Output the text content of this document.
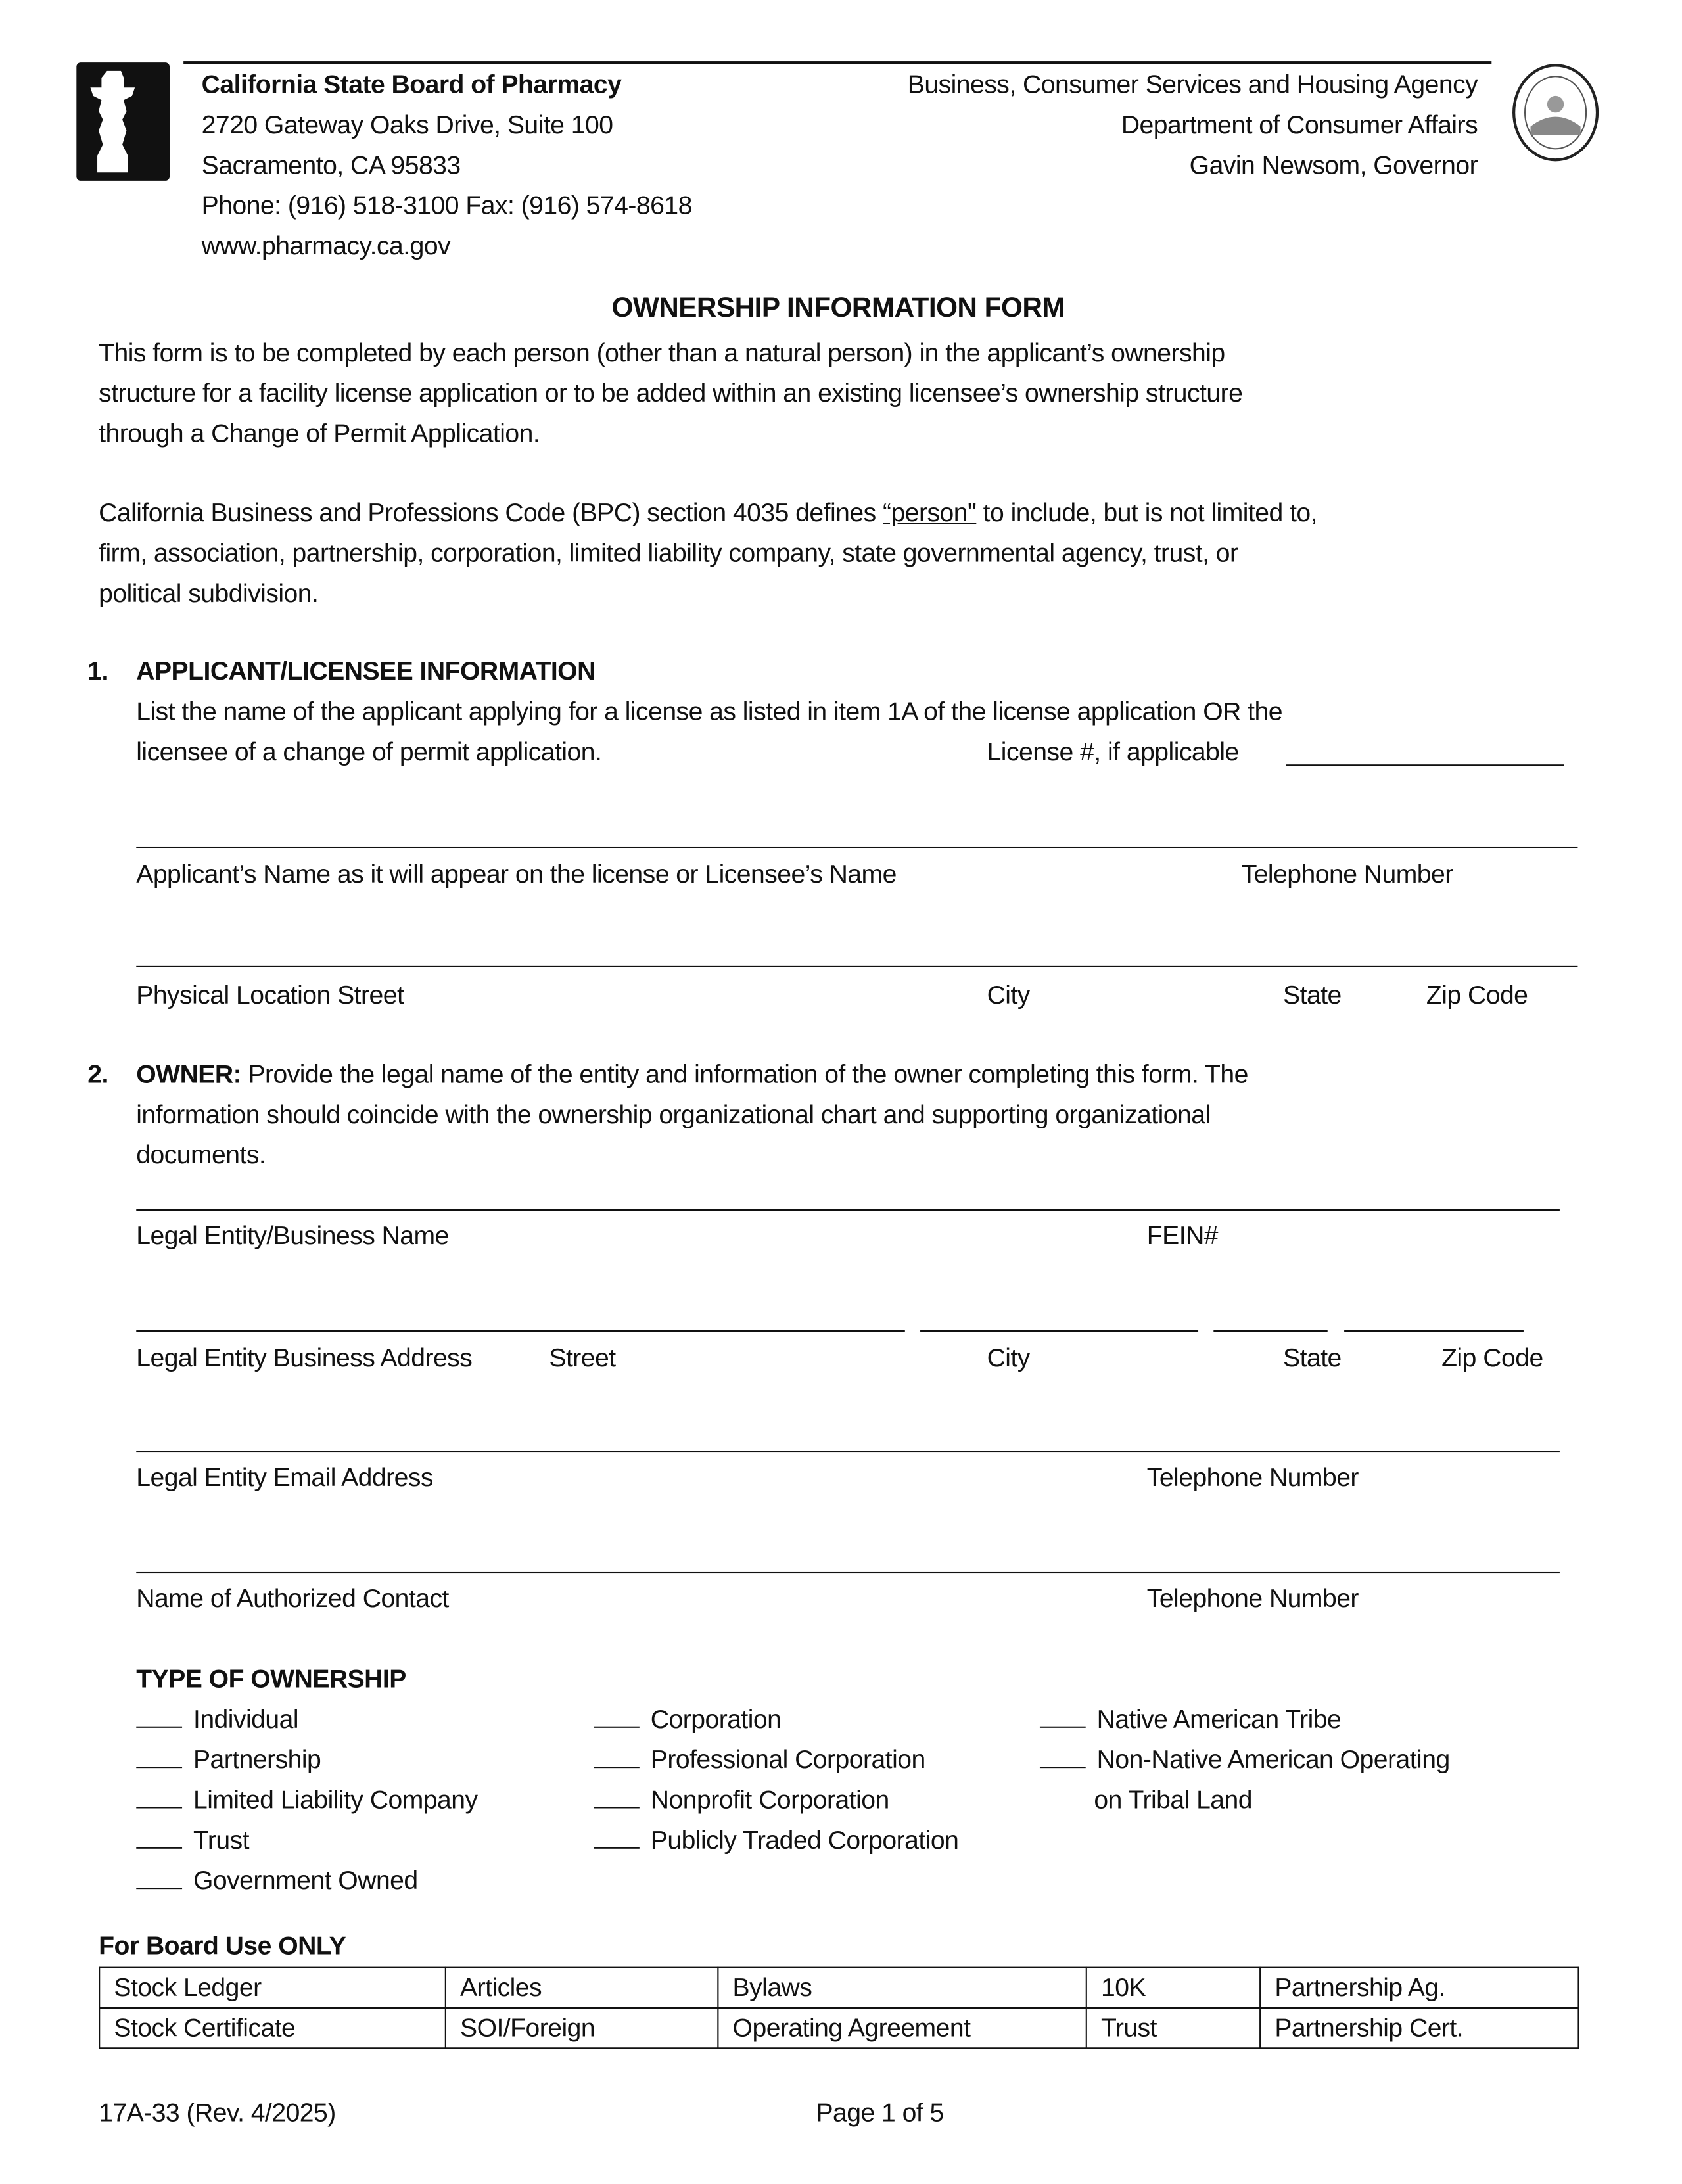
California State Board of Pharmacy
2720 Gateway Oaks Drive, Suite 100
Sacramento, CA 95833
Phone: (916) 518-3100 Fax: (916) 574-8618
www.pharmacy.ca.gov
Business, Consumer Services and Housing Agency
Department of Consumer Affairs
Gavin Newsom, Governor
OWNERSHIP INFORMATION FORM
This form is to be completed by each person (other than a natural person) in the applicant’s ownership
structure for a facility license application or to be added within an existing licensee’s ownership structure
through a Change of Permit Application.
California Business and Professions Code (BPC) section 4035 defines “person" to include, but is not limited to,
firm, association, partnership, corporation, limited liability company, state governmental agency, trust, or
political subdivision.
1. APPLICANT/LICENSEE INFORMATION
List the name of the applicant applying for a license as listed in item 1A of the license application OR the
licensee of a change of permit application.	License #, if applicable
Applicant’s Name as it will appear on the license or Licensee’s Name	Telephone Number
Physical Location Street	City	State	Zip Code
2. OWNER: Provide the legal name of the entity and information of the owner completing this form. The
information should coincide with the ownership organizational chart and supporting organizational
documents.
Legal Entity/Business Name	FEIN#
Legal Entity Business Address	Street	City	State	Zip Code
Legal Entity Email Address	Telephone Number
Name of Authorized Contact	Telephone Number
TYPE OF OWNERSHIP
Individual
Partnership
Limited Liability Company
Trust
Government Owned
Corporation
Professional Corporation
Nonprofit Corporation
Publicly Traded Corporation
Native American Tribe
Non-Native American Operating
on Tribal Land
For Board Use ONLY
Stock Ledger	Articles	Bylaws	10K	Partnership Ag.
Stock Certificate	SOI/Foreign	Operating Agreement	Trust	Partnership Cert.
17A-33 (Rev. 4/2025)	Page 1 of 5
